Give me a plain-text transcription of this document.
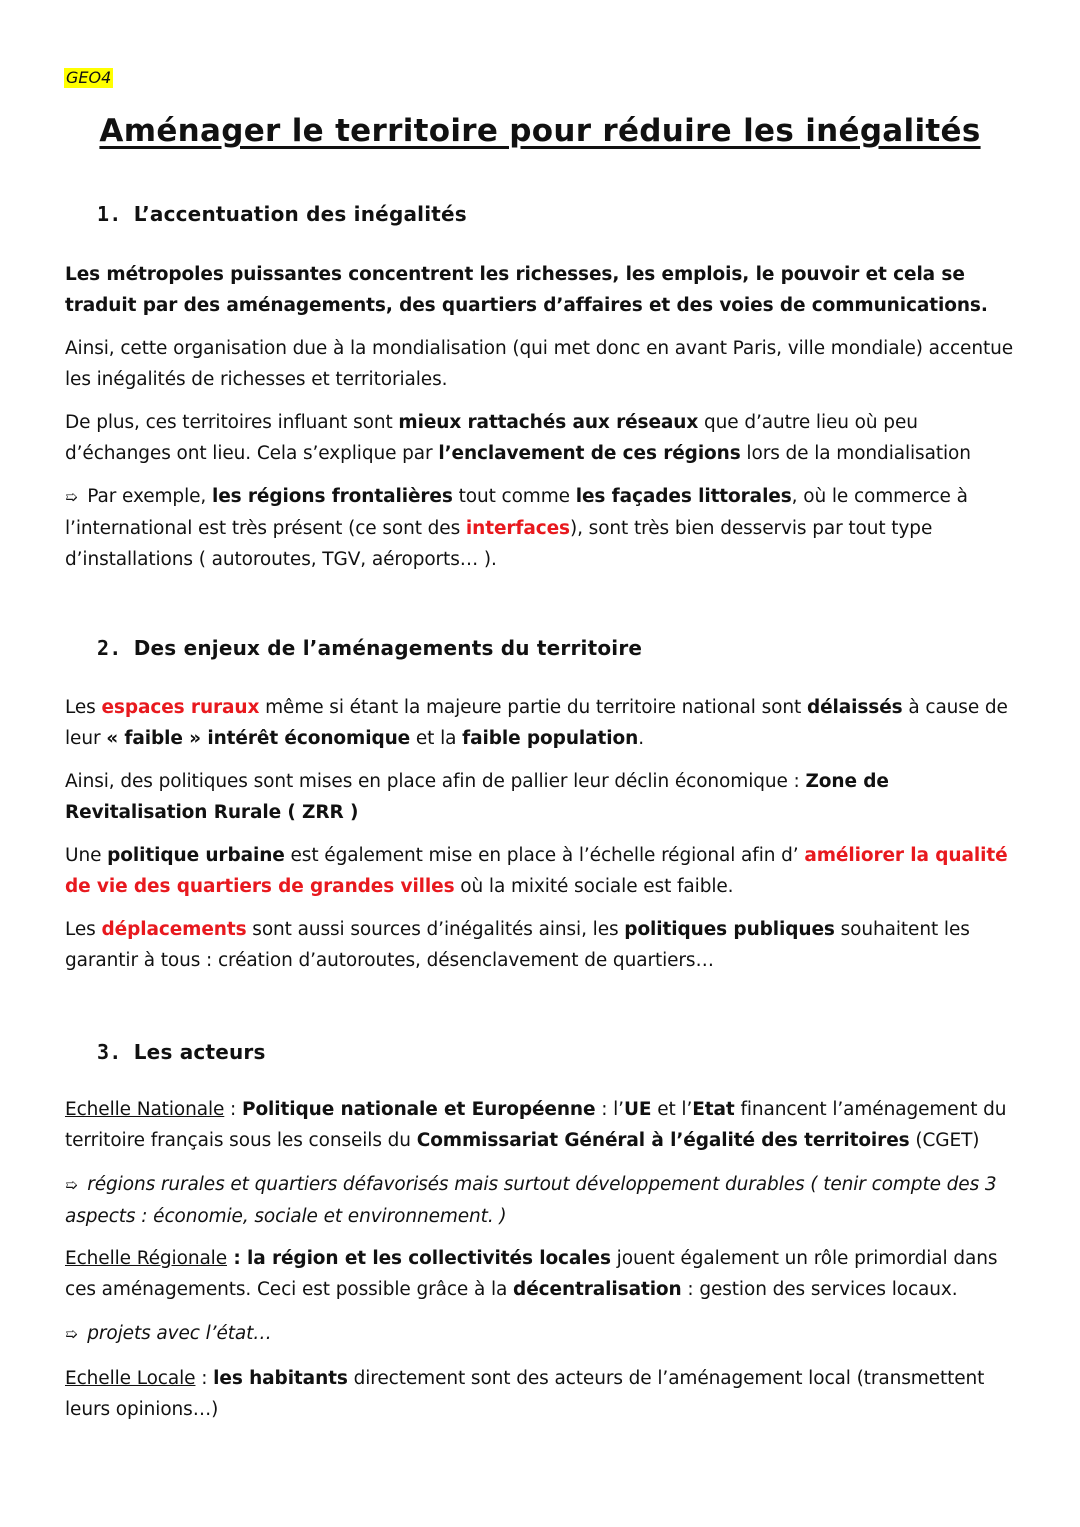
GEO4
Aménager le territoire pour réduire les inégalités
1. L’accentuation des inégalités
Les métropoles puissantes concentrent les richesses, les emplois, le pouvoir et cela se traduit par des aménagements, des quartiers d’affaires et des voies de communications.
Ainsi, cette organisation due à la mondialisation (qui met donc en avant Paris, ville mondiale) accentue les inégalités de richesses et territoriales.
De plus, ces territoires influant sont mieux rattachés aux réseaux que d’autre lieu où peu d’échanges ont lieu. Cela s’explique par l’enclavement de ces régions lors de la mondialisation
➯ Par exemple, les régions frontalières tout comme les façades littorales, où le commerce à l’international est très présent (ce sont des interfaces), sont très bien desservis par tout type d’installations ( autoroutes, TGV, aéroports… ).
2. Des enjeux de l’aménagements du territoire
Les espaces ruraux même si étant la majeure partie du territoire national sont délaissés à cause de leur « faible » intérêt économique et la faible population.
Ainsi, des politiques sont mises en place afin de pallier leur déclin économique : Zone de Revitalisation Rurale ( ZRR )
Une politique urbaine est également mise en place à l’échelle régional afin d’ améliorer la qualité de vie des quartiers de grandes villes où la mixité sociale est faible.
Les déplacements sont aussi sources d’inégalités ainsi, les politiques publiques souhaitent les garantir à tous : création d’autoroutes, désenclavement de quartiers…
3. Les acteurs
Echelle Nationale : Politique nationale et Européenne : l’UE et l’Etat financent l’aménagement du territoire français sous les conseils du Commissariat Général à l’égalité des territoires (CGET)
➯ régions rurales et quartiers défavorisés mais surtout développement durables ( tenir compte des 3 aspects : économie, sociale et environnement. )
Echelle Régionale : la région et les collectivités locales jouent également un rôle primordial dans ces aménagements. Ceci est possible grâce à la décentralisation : gestion des services locaux.
➯ projets avec l’état…
Echelle Locale : les habitants directement sont des acteurs de l’aménagement local (transmettent leurs opinions…)
